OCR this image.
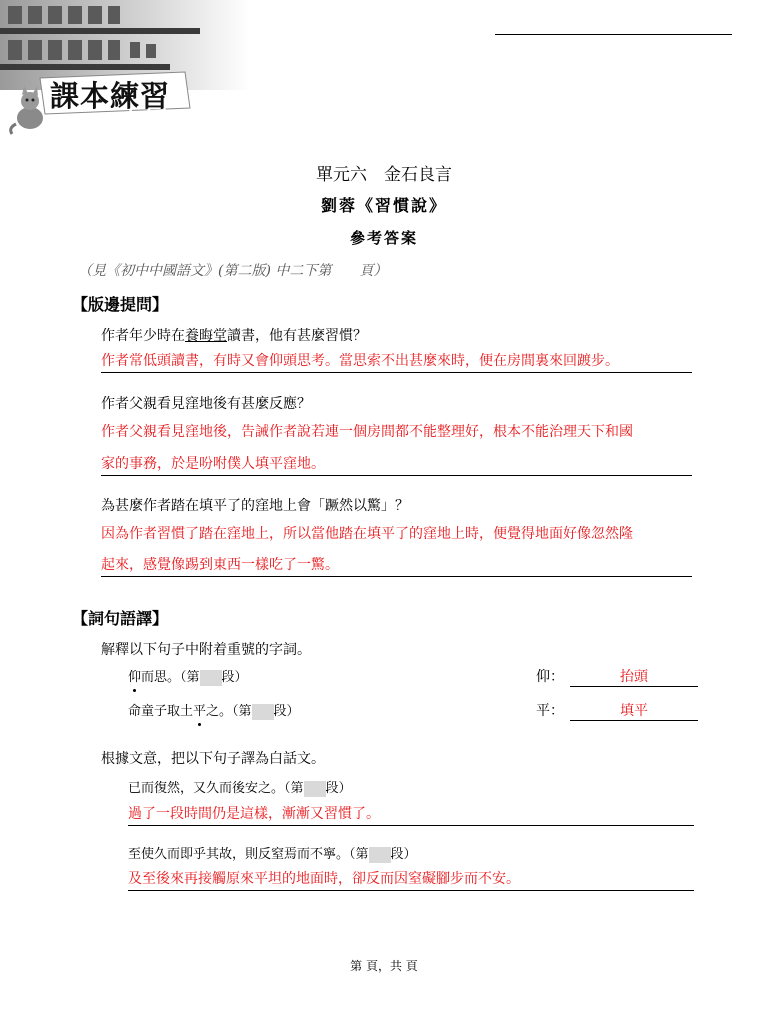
課本練習
單元六　金石良言
劉蓉《習慣說》
參考答案
（見《初中中國語文》(第二版) 中二下第　　頁）
【版邊提問】
作者年少時在養晦堂讀書，他有甚麼習慣？
作者常低頭讀書，有時又會仰頭思考。當思索不出甚麼來時，便在房間裏來回踱步。
作者父親看見窪地後有甚麼反應？
作者父親看見窪地後，告誡作者說若連一個房間都不能整理好，根本不能治理天下和國
家的事務，於是吩咐僕人填平窪地。
為甚麼作者踏在填平了的窪地上會「蹶然以驚」？
因為作者習慣了踏在窪地上，所以當他踏在填平了的窪地上時，便覺得地面好像忽然隆
起來，感覺像踢到東西一樣吃了一驚。
【詞句語譯】
解釋以下句子中附着重號的字詞。
仰而思。（第 段）	仰：	抬頭
命童子取土平之。（第 段）	平：	填平
根據文意，把以下句子譯為白話文。
已而復然，又久而後安之。（第 段）
過了一段時間仍是這樣，漸漸又習慣了。
至使久而即乎其故，則反窒焉而不寧。（第 段）
及至後來再接觸原來平坦的地面時，卻反而因窒礙腳步而不安。
第 頁，共 頁
